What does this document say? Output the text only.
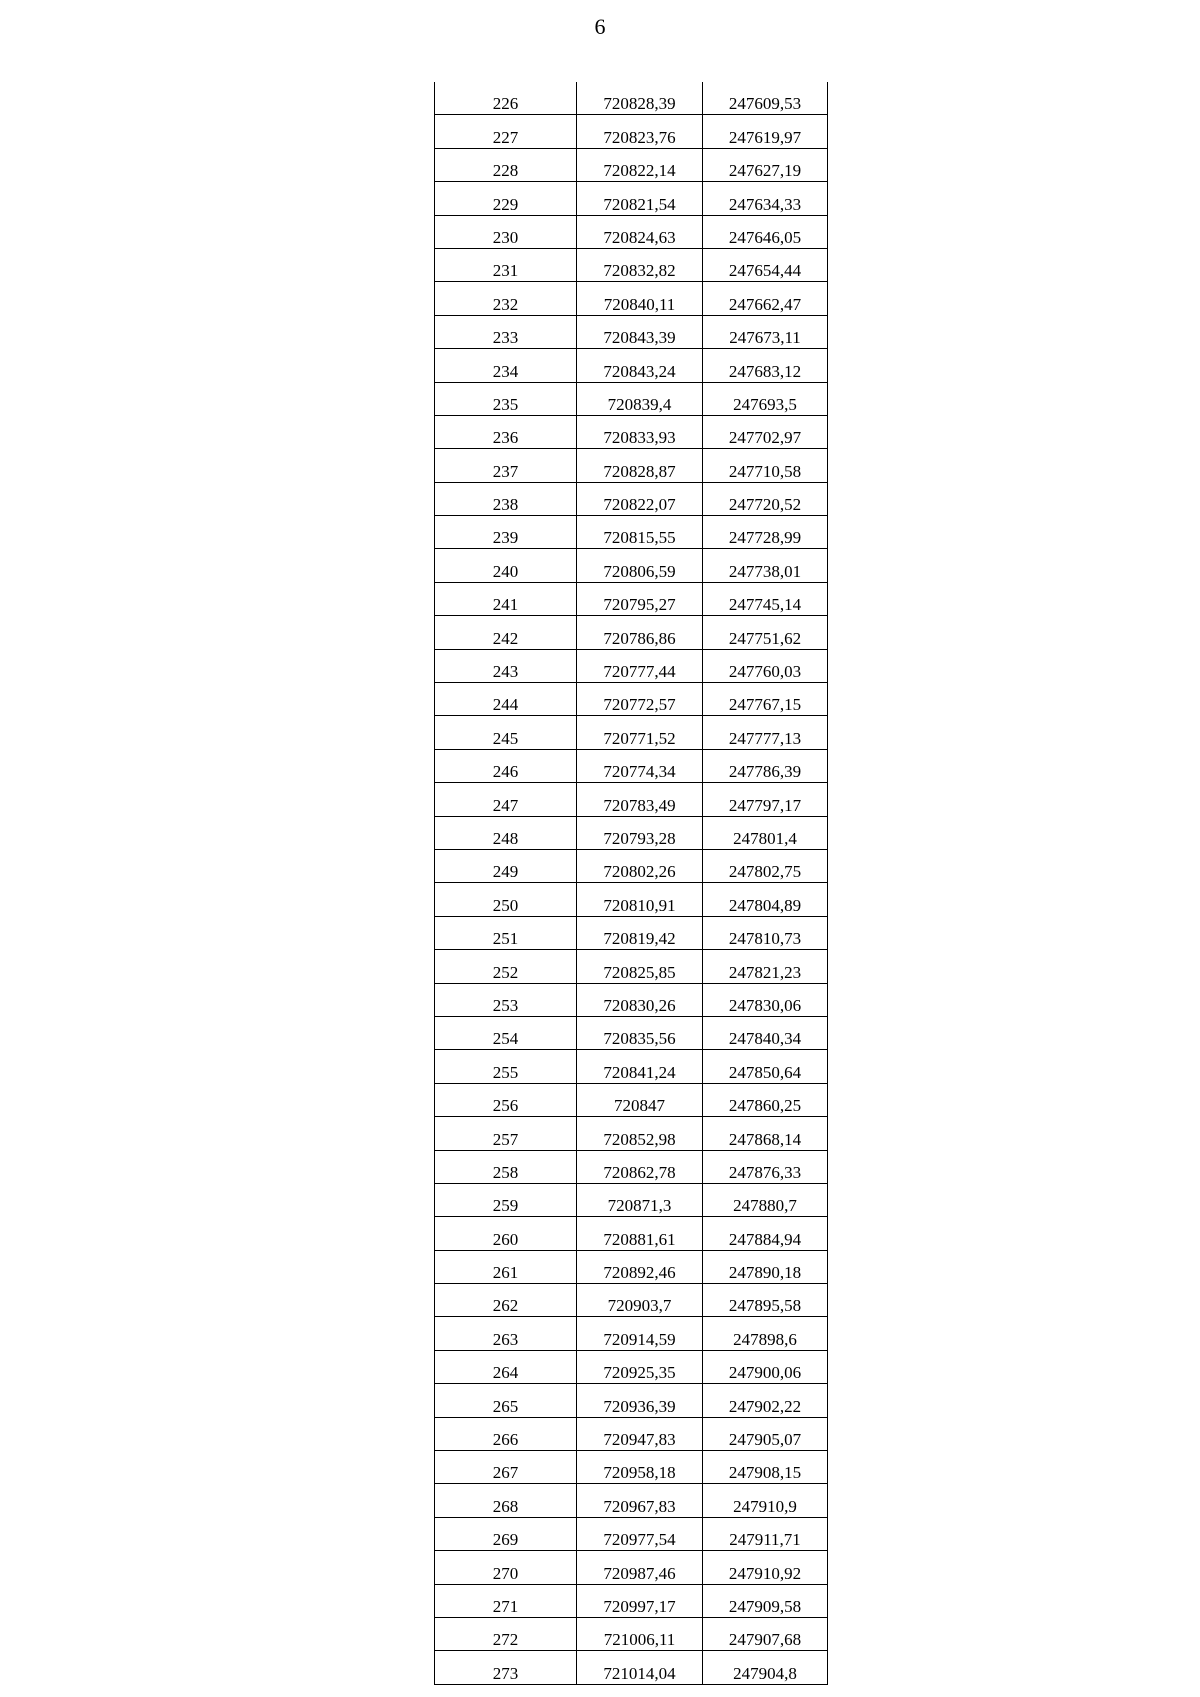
6
226	720828,39	247609,53
227	720823,76	247619,97
228	720822,14	247627,19
229	720821,54	247634,33
230	720824,63	247646,05
231	720832,82	247654,44
232	720840,11	247662,47
233	720843,39	247673,11
234	720843,24	247683,12
235	720839,4	247693,5
236	720833,93	247702,97
237	720828,87	247710,58
238	720822,07	247720,52
239	720815,55	247728,99
240	720806,59	247738,01
241	720795,27	247745,14
242	720786,86	247751,62
243	720777,44	247760,03
244	720772,57	247767,15
245	720771,52	247777,13
246	720774,34	247786,39
247	720783,49	247797,17
248	720793,28	247801,4
249	720802,26	247802,75
250	720810,91	247804,89
251	720819,42	247810,73
252	720825,85	247821,23
253	720830,26	247830,06
254	720835,56	247840,34
255	720841,24	247850,64
256	720847	247860,25
257	720852,98	247868,14
258	720862,78	247876,33
259	720871,3	247880,7
260	720881,61	247884,94
261	720892,46	247890,18
262	720903,7	247895,58
263	720914,59	247898,6
264	720925,35	247900,06
265	720936,39	247902,22
266	720947,83	247905,07
267	720958,18	247908,15
268	720967,83	247910,9
269	720977,54	247911,71
270	720987,46	247910,92
271	720997,17	247909,58
272	721006,11	247907,68
273	721014,04	247904,8
